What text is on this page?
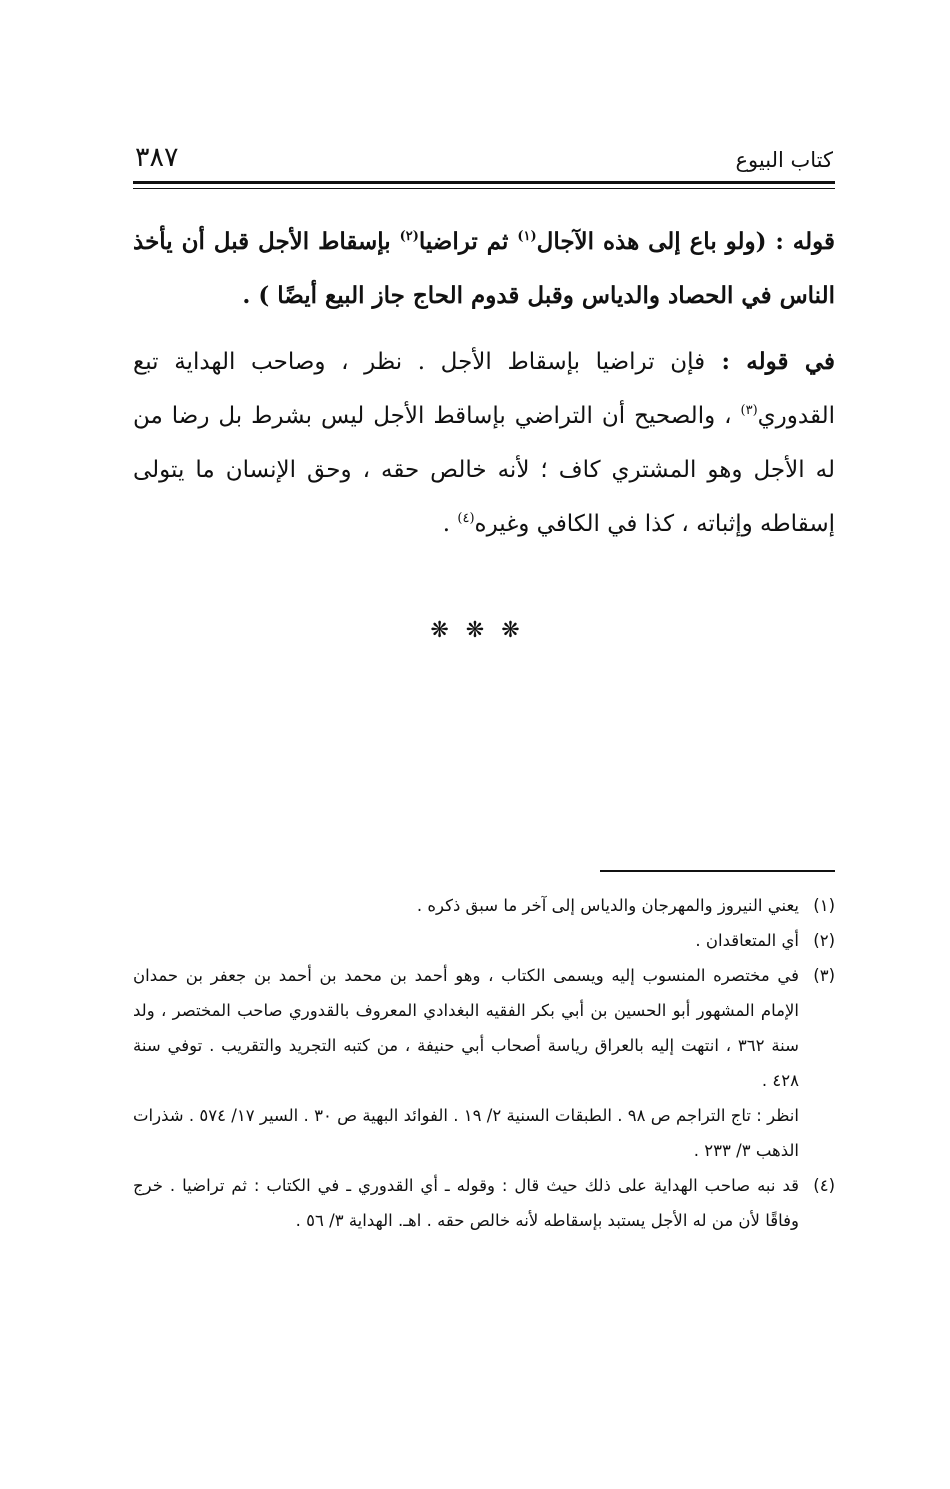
كتاب البيوع
٣٨٧

قوله : (ولو باع إلى هذه الآجال$^{(١)}$ ثم تراضيا$^{(٢)}$ بإسقاط الأجل قبل أن يأخذ الناس في الحصاد والدياس وقبل قدوم الحاج جاز البيع أيضًا ) .

في قوله : فإن تراضيا بإسقاط الأجل . نظر ، وصاحب الهداية تبع القدوري$^{(٣)}$ ، والصحيح أن التراضي بإساقط الأجل ليس بشرط بل رضا من له الأجل وهو المشتري كاف ؛ لأنه خالص حقه ، وحق الإنسان ما يتولى إسقاطه وإثباته ، كذا في الكافي وغيره$^{(٤)}$ .

❋ ❋ ❋
(١)
يعني النيروز والمهرجان والدياس إلى آخر ما سبق ذكره .
(٢)
أي المتعاقدان .
(٣)
في مختصره المنسوب إليه ويسمى الكتاب ، وهو أحمد بن محمد بن أحمد بن جعفر بن حمدان الإمام المشهور أبو الحسين بن أبي بكر الفقيه البغدادي المعروف بالقدوري صاحب المختصر ، ولد سنة ٣٦٢ ، انتهت إليه بالعراق رياسة أصحاب أبي حنيفة ، من كتبه التجريد والتقريب . توفي سنة ٤٢٨ .

انظر : تاج التراجم ص ٩٨ . الطبقات السنية ٢/ ١٩ . الفوائد البهية ص ٣٠ . السير ١٧/ ٥٧٤ . شذرات الذهب ٣/ ٢٣٣ .

(٤)
قد نبه صاحب الهداية على ذلك حيث قال : وقوله ـ أي القدوري ـ في الكتاب : ثم تراضيا . خرج وفاقًا لأن من له الأجل يستبد بإسقاطه لأنه خالص حقه . اهـ. الهداية ٣/ ٥٦ .
